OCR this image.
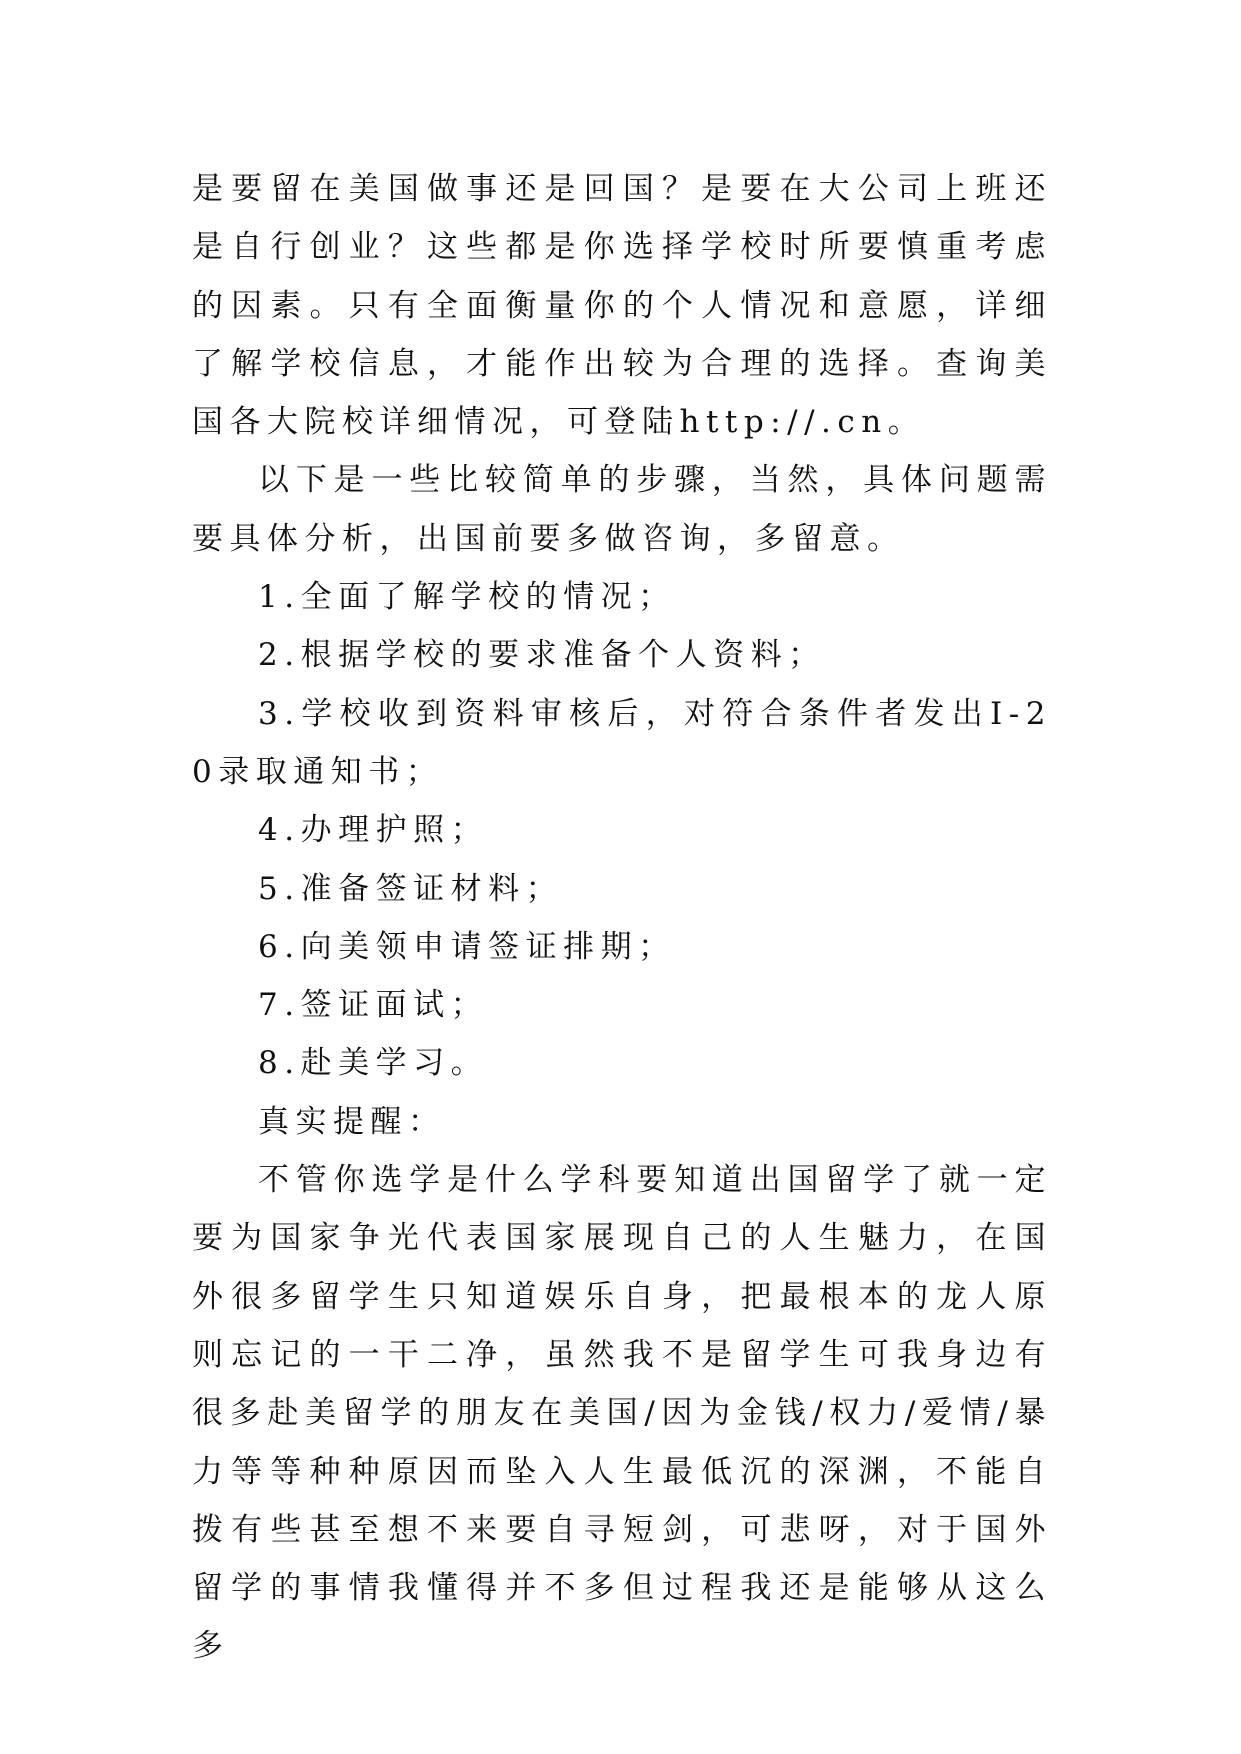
是要留在美国做事还是回国？是要在大公司上班还是自行创业？这些都是你选择学校时所要慎重考虑的因素。只有全面衡量你的个人情况和意愿，详细了解学校信息，才能作出较为合理的选择。查询美国各大院校详细情况，可登陆http://.cn。

以下是一些比较简单的步骤，当然，具体问题需要具体分析，出国前要多做咨询，多留意。

1.全面了解学校的情况；

2.根据学校的要求准备个人资料；

3.学校收到资料审核后，对符合条件者发出I-20录取通知书；

4.办理护照；

5.准备签证材料；

6.向美领申请签证排期；

7.签证面试；

8.赴美学习。

真实提醒：

不管你选学是什么学科要知道出国留学了就一定要为国家争光代表国家展现自己的人生魅力，在国外很多留学生只知道娱乐自身，把最根本的龙人原则忘记的一干二净，虽然我不是留学生可我身边有很多赴美留学的朋友在美国/因为金钱/权力/爱情/暴力等等种种原因而坠入人生最低沉的深渊，不能自拨有些甚至想不来要自寻短剑，可悲呀，对于国外留学的事情我懂得并不多但过程我还是能够从这么多
